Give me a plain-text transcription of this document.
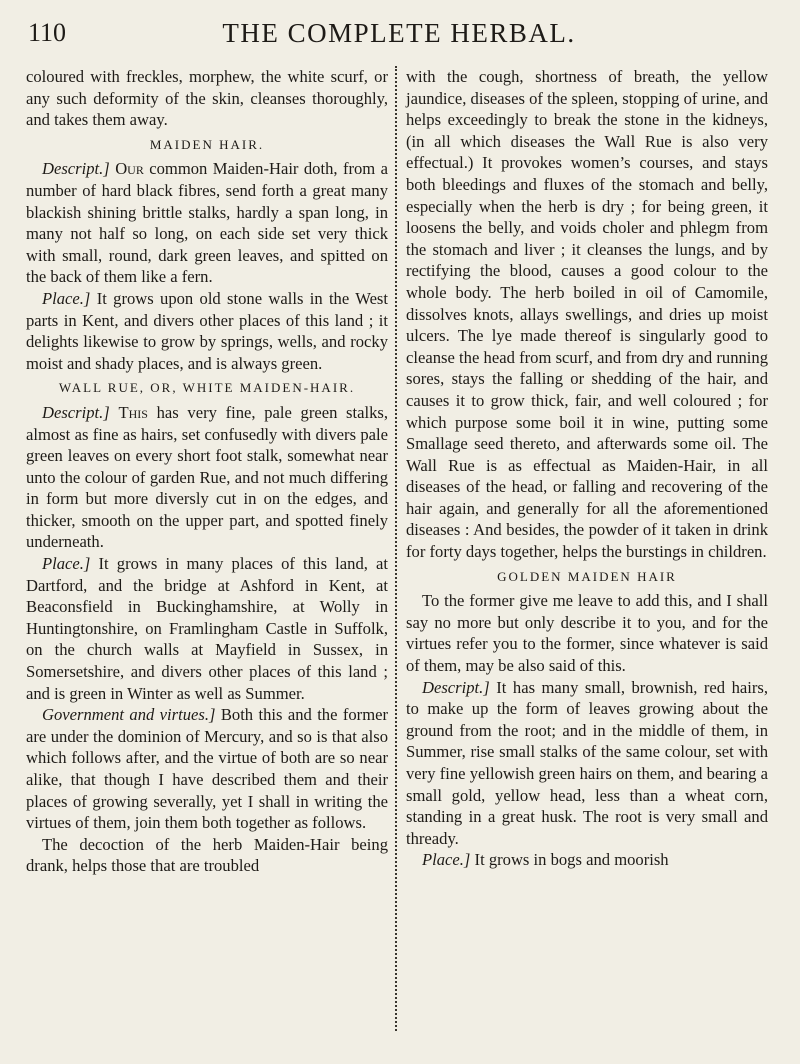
110	THE COMPLETE HERBAL.

coloured with freckles, morphew, the white scurf, or any such deformity of the skin, cleanses thoroughly, and takes them away.

MAIDEN HAIR.

Descript.] Our common Maiden-Hair doth, from a number of hard black fibres, send forth a great many blackish shining brittle stalks, hardly a span long, in many not half so long, on each side set very thick with small, round, dark green leaves, and spitted on the back of them like a fern.

Place.] It grows upon old stone walls in the West parts in Kent, and divers other places of this land ; it delights likewise to grow by springs, wells, and rocky moist and shady places, and is always green.

WALL RUE, OR, WHITE MAIDEN-HAIR.

Descript.] This has very fine, pale green stalks, almost as fine as hairs, set confusedly with divers pale green leaves on every short foot stalk, somewhat near unto the colour of garden Rue, and not much differing in form but more diversly cut in on the edges, and thicker, smooth on the upper part, and spotted finely underneath.

Place.] It grows in many places of this land, at Dartford, and the bridge at Ashford in Kent, at Beaconsfield in Buckinghamshire, at Wolly in Huntingtonshire, on Framlingham Castle in Suffolk, on the church walls at Mayfield in Sussex, in Somersetshire, and divers other places of this land ; and is green in Winter as well as Summer.

Government and virtues.] Both this and the former are under the dominion of Mercury, and so is that also which follows after, and the virtue of both are so near alike, that though I have described them and their places of growing severally, yet I shall in writing the virtues of them, join them both together as follows.

The decoction of the herb Maiden-Hair being drank, helps those that are troubled

with the cough, shortness of breath, the yellow jaundice, diseases of the spleen, stopping of urine, and helps exceedingly to break the stone in the kidneys, (in all which diseases the Wall Rue is also very effectual.) It provokes women’s courses, and stays both bleedings and fluxes of the stomach and belly, especially when the herb is dry ; for being green, it loosens the belly, and voids choler and phlegm from the stomach and liver ; it cleanses the lungs, and by rectifying the blood, causes a good colour to the whole body. The herb boiled in oil of Camomile, dissolves knots, allays swellings, and dries up moist ulcers. The lye made thereof is singularly good to cleanse the head from scurf, and from dry and running sores, stays the falling or shedding of the hair, and causes it to grow thick, fair, and well coloured ; for which purpose some boil it in wine, putting some Smallage seed thereto, and afterwards some oil. The Wall Rue is as effectual as Maiden-Hair, in all diseases of the head, or falling and recovering of the hair again, and generally for all the aforementioned diseases : And besides, the powder of it taken in drink for forty days together, helps the burstings in children.

GOLDEN MAIDEN HAIR

To the former give me leave to add this, and I shall say no more but only describe it to you, and for the virtues refer you to the former, since whatever is said of them, may be also said of this.

Descript.] It has many small, brownish, red hairs, to make up the form of leaves growing about the ground from the root; and in the middle of them, in Summer, rise small stalks of the same colour, set with very fine yellowish green hairs on them, and bearing a small gold, yellow head, less than a wheat corn, standing in a great husk. The root is very small and thready.

Place.] It grows in bogs and moorish
